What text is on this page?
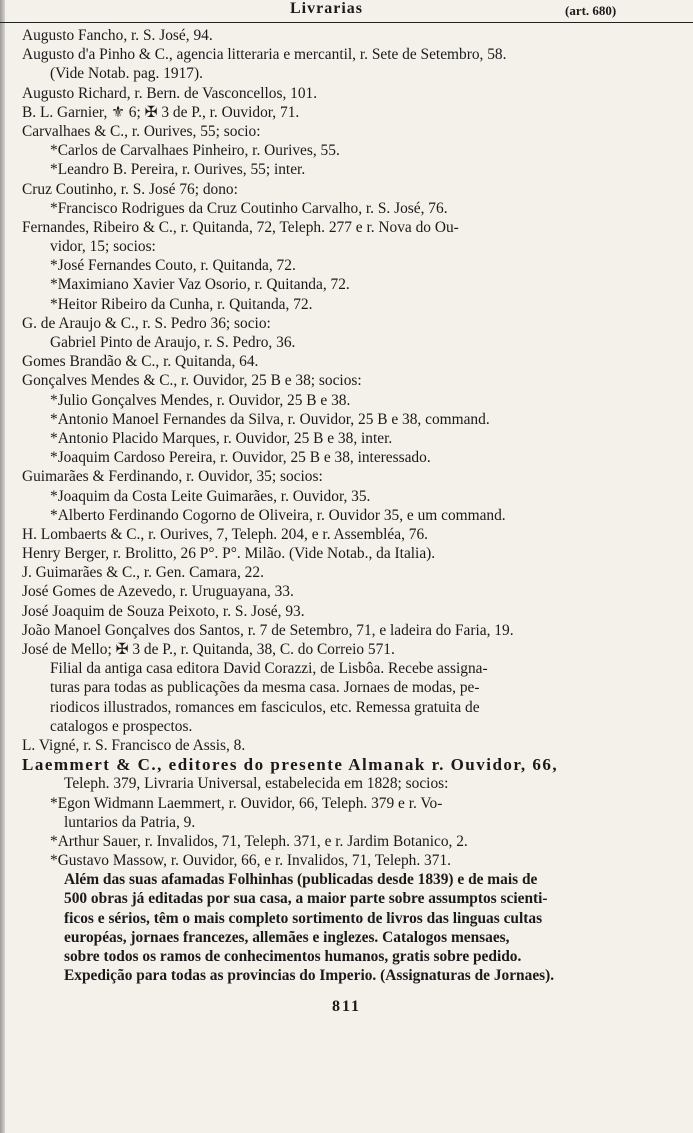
Livrarias	(art. 680)
Augusto Fancho, r. S. José, 94.
Augusto d'a Pinho & C., agencia litteraria e mercantil, r. Sete de Setembro, 58.
(Vide Notab. pag. 1917).
Augusto Richard, r. Bern. de Vasconcellos, 101.
B. L. Garnier, ⚜ 6; ✠ 3 de P., r. Ouvidor, 71.
Carvalhaes & C., r. Ourives, 55; socio:
*Carlos de Carvalhaes Pinheiro, r. Ourives, 55.
*Leandro B. Pereira, r. Ourives, 55; inter.
Cruz Coutinho, r. S. José 76; dono:
*Francisco Rodrigues da Cruz Coutinho Carvalho, r. S. José, 76.
Fernandes, Ribeiro & C., r. Quitanda, 72, Teleph. 277 e r. Nova do Ou-
vidor, 15; socios:
*José Fernandes Couto, r. Quitanda, 72.
*Maximiano Xavier Vaz Osorio, r. Quitanda, 72.
*Heitor Ribeiro da Cunha, r. Quitanda, 72.
G. de Araujo & C., r. S. Pedro 36; socio:
Gabriel Pinto de Araujo, r. S. Pedro, 36.
Gomes Brandão & C., r. Quitanda, 64.
Gonçalves Mendes & C., r. Ouvidor, 25 B e 38; socios:
*Julio Gonçalves Mendes, r. Ouvidor, 25 B e 38.
*Antonio Manoel Fernandes da Silva, r. Ouvidor, 25 B e 38, command.
*Antonio Placido Marques, r. Ouvidor, 25 B e 38, inter.
*Joaquim Cardoso Pereira, r. Ouvidor, 25 B e 38, interessado.
Guimarães & Ferdinando, r. Ouvidor, 35; socios:
*Joaquim da Costa Leite Guimarães, r. Ouvidor, 35.
*Alberto Ferdinando Cogorno de Oliveira, r. Ouvidor 35, e um command.
H. Lombaerts & C., r. Ourives, 7, Teleph. 204, e r. Assembléa, 76.
Henry Berger, r. Brolitto, 26 P°. P°. Milão. (Vide Notab., da Italia).
J. Guimarães & C., r. Gen. Camara, 22.
José Gomes de Azevedo, r. Uruguayana, 33.
José Joaquim de Souza Peixoto, r. S. José, 93.
João Manoel Gonçalves dos Santos, r. 7 de Setembro, 71, e ladeira do Faria, 19.
José de Mello; ✠ 3 de P., r. Quitanda, 38, C. do Correio 571.
Filial da antiga casa editora David Corazzi, de Lisbôa. Recebe assigna-
turas para todas as publicações da mesma casa. Jornaes de modas, pe-
riodicos illustrados, romances em fasciculos, etc. Remessa gratuita de
catalogos e prospectos.
L. Vigné, r. S. Francisco de Assis, 8.
Laemmert & C., editores do presente Almanak r. Ouvidor, 66,
Teleph. 379, Livraria Universal, estabelecida em 1828; socios:
*Egon Widmann Laemmert, r. Ouvidor, 66, Teleph. 379 e r. Vo-
luntarios da Patria, 9.
*Arthur Sauer, r. Invalidos, 71, Teleph. 371, e r. Jardim Botanico, 2.
*Gustavo Massow, r. Ouvidor, 66, e r. Invalidos, 71, Teleph. 371.
Além das suas afamadas Folhinhas (publicadas desde 1839) e de mais de
500 obras já editadas por sua casa, a maior parte sobre assumptos scienti-
ficos e sérios, têm o mais completo sortimento de livros das linguas cultas
européas, jornaes francezes, allemães e inglezes. Catalogos mensaes,
sobre todos os ramos de conhecimentos humanos, gratis sobre pedido.
Expedição para todas as provincias do Imperio. (Assignaturas de Jornaes).
811
